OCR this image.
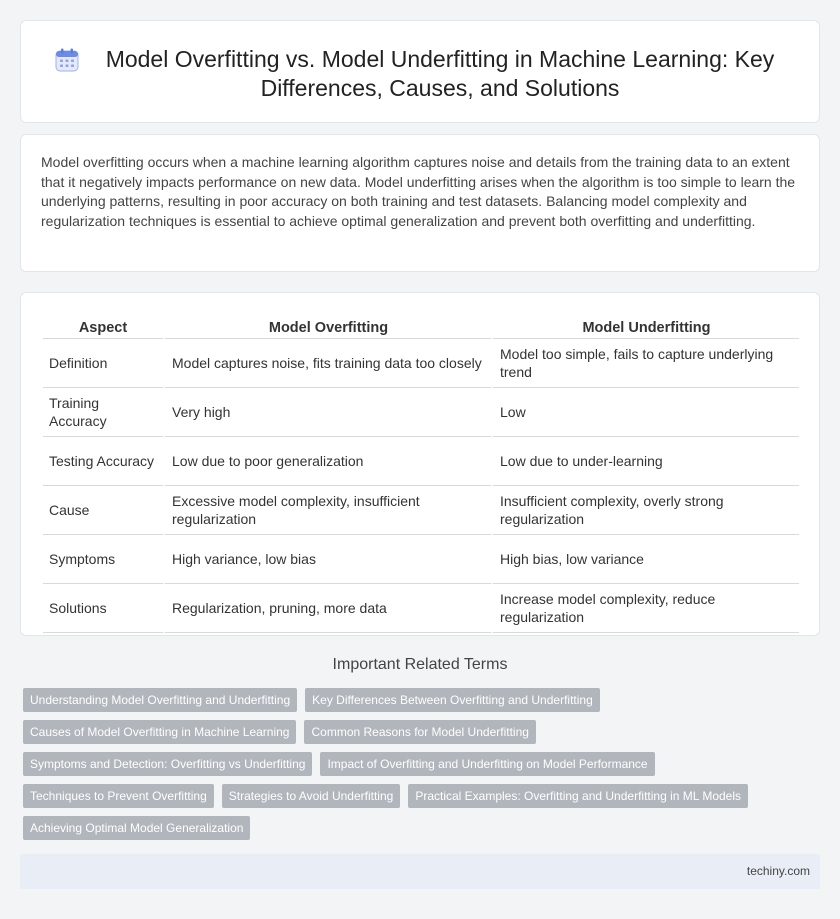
Model Overfitting vs. Model Underfitting in Machine Learning: Key Differences, Causes, and Solutions

Model overfitting occurs when a machine learning algorithm captures noise and details from the training data to an extent that it negatively impacts performance on new data. Model underfitting arises when the algorithm is too simple to learn the underlying patterns, resulting in poor accuracy on both training and test datasets. Balancing model complexity and regularization techniques is essential to achieve optimal generalization and prevent both overfitting and underfitting.

Aspect	Model Overfitting	Model Underfitting
Definition	Model captures noise, fits training data too closely	Model too simple, fails to capture underlying trend
Training Accuracy	Very high	Low
Testing Accuracy	Low due to poor generalization	Low due to under-learning
Cause	Excessive model complexity, insufficient regularization	Insufficient complexity, overly strong regularization
Symptoms	High variance, low bias	High bias, low variance
Solutions	Regularization, pruning, more data	Increase model complexity, reduce regularization
Important Related Terms
Understanding Model Overfitting and Underfitting	Key Differences Between Overfitting and Underfitting
Causes of Model Overfitting in Machine Learning	Common Reasons for Model Underfitting
Symptoms and Detection: Overfitting vs Underfitting	Impact of Overfitting and Underfitting on Model Performance
Techniques to Prevent Overfitting	Strategies to Avoid Underfitting	Practical Examples: Overfitting and Underfitting in ML Models
Achieving Optimal Model Generalization
techiny.com
